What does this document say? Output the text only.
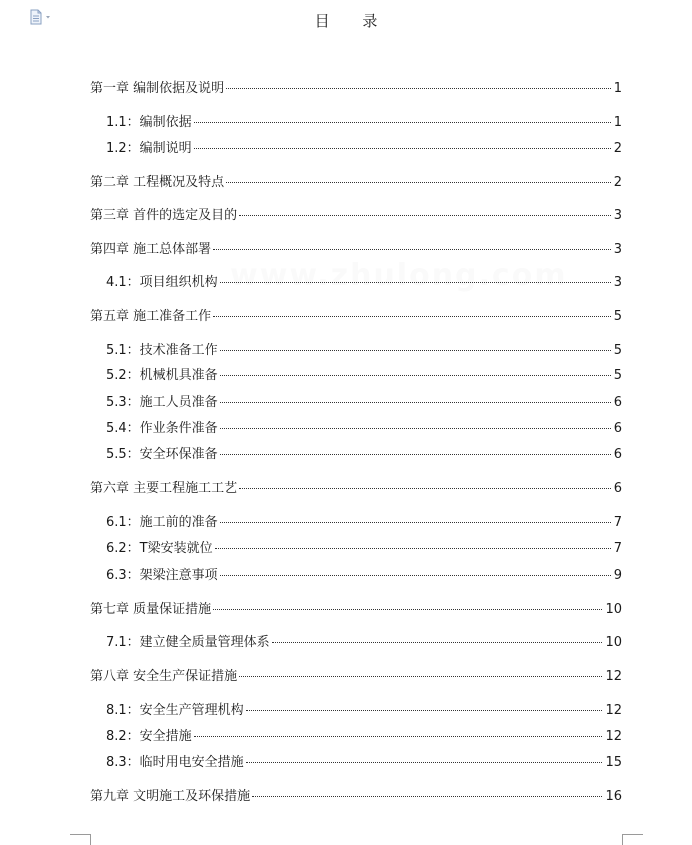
目 录
www.zhulong.com
第一章 编制依据及说明	1
1.1：编制依据	1
1.2：编制说明	2
第二章 工程概况及特点	2
第三章 首件的选定及目的	3
第四章 施工总体部署	3
4.1：项目组织机构	3
第五章 施工准备工作	5
5.1：技术准备工作	5
5.2：机械机具准备	5
5.3：施工人员准备	6
5.4：作业条件准备	6
5.5：安全环保准备	6
第六章 主要工程施工工艺	6
6.1：施工前的准备	7
6.2：T梁安装就位	7
6.3：架梁注意事项	9
第七章 质量保证措施	10
7.1：建立健全质量管理体系	10
第八章 安全生产保证措施	12
8.1：安全生产管理机构	12
8.2：安全措施	12
8.3：临时用电安全措施	15
第九章 文明施工及环保措施	16
